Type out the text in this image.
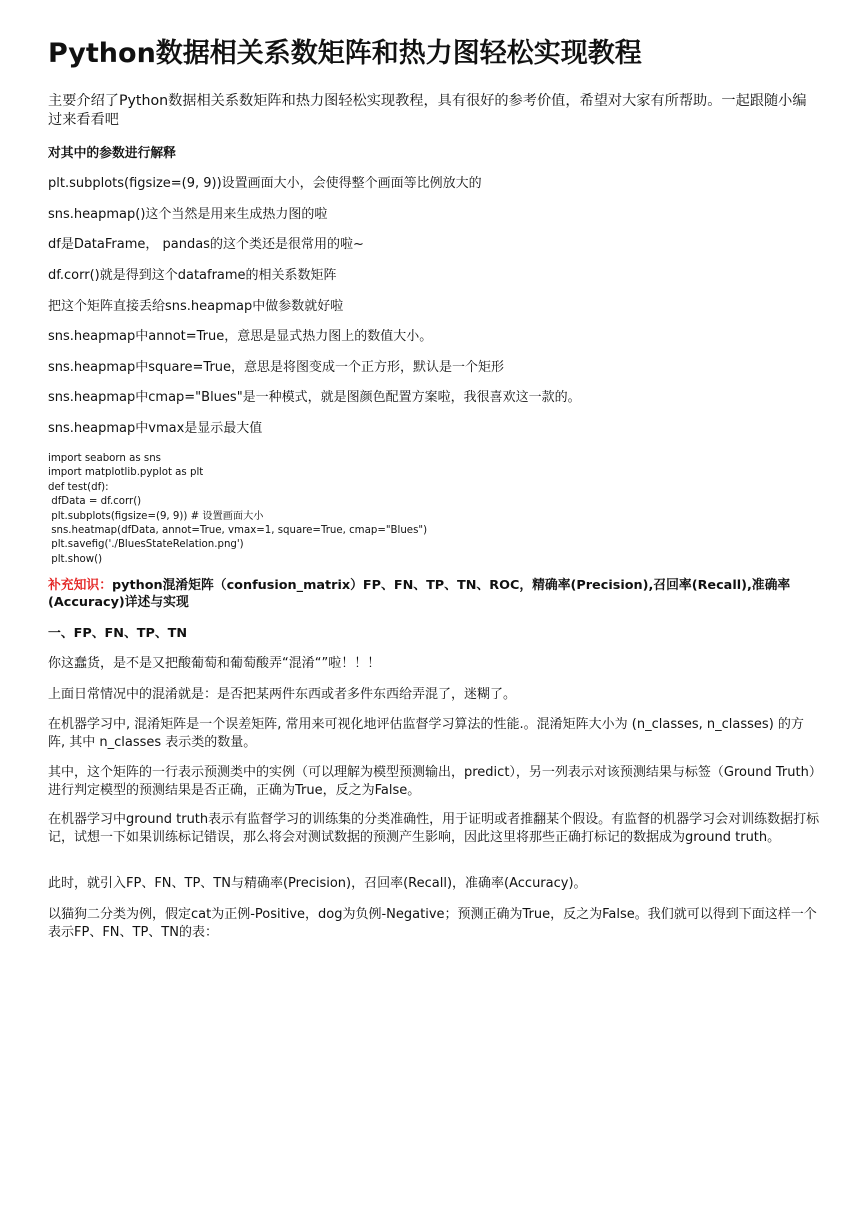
Python数据相关系数矩阵和热力图轻松实现教程

主要介绍了Python数据相关系数矩阵和热力图轻松实现教程，具有很好的参考价值，希望对大家有所帮助。一起跟随小编过来看看吧

对其中的参数进行解释

plt.subplots(figsize=(9, 9))设置画面大小，会使得整个画面等比例放大的

sns.heapmap()这个当然是用来生成热力图的啦

df是DataFrame， pandas的这个类还是很常用的啦~

df.corr()就是得到这个dataframe的相关系数矩阵

把这个矩阵直接丢给sns.heapmap中做参数就好啦

sns.heapmap中annot=True，意思是显式热力图上的数值大小。

sns.heapmap中square=True，意思是将图变成一个正方形，默认是一个矩形

sns.heapmap中cmap="Blues"是一种模式，就是图颜色配置方案啦，我很喜欢这一款的。

sns.heapmap中vmax是显示最大值

import seaborn as sns
import matplotlib.pyplot as plt
def test(df):
dfData = df.corr()
plt.subplots(figsize=(9, 9)) # 设置画面大小
sns.heatmap(dfData, annot=True, vmax=1, square=True, cmap="Blues")
plt.savefig('./BluesStateRelation.png')
plt.show()

补充知识：python混淆矩阵（confusion_matrix）FP、FN、TP、TN、ROC，精确率(Precision),召回率(Recall),准确率(Accuracy)详述与实现

一、FP、FN、TP、TN

你这蠢货，是不是又把酸葡萄和葡萄酸弄“混淆“”啦！！！

上面日常情况中的混淆就是：是否把某两件东西或者多件东西给弄混了，迷糊了。

在机器学习中, 混淆矩阵是一个误差矩阵, 常用来可视化地评估监督学习算法的性能.。混淆矩阵大小为 (n_classes, n_classes) 的方阵, 其中 n_classes 表示类的数量。

其中，这个矩阵的一行表示预测类中的实例（可以理解为模型预测输出，predict），另一列表示对该预测结果与标签（Ground Truth）进行判定模型的预测结果是否正确，正确为True，反之为False。

在机器学习中ground truth表示有监督学习的训练集的分类准确性，用于证明或者推翻某个假设。有监督的机器学习会对训练数据打标记，试想一下如果训练标记错误，那么将会对测试数据的预测产生影响，因此这里将那些正确打标记的数据成为ground truth。

此时，就引入FP、FN、TP、TN与精确率(Precision)，召回率(Recall)，准确率(Accuracy)。

以猫狗二分类为例，假定cat为正例-Positive，dog为负例-Negative；预测正确为True，反之为False。我们就可以得到下面这样一个表示FP、FN、TP、TN的表：
